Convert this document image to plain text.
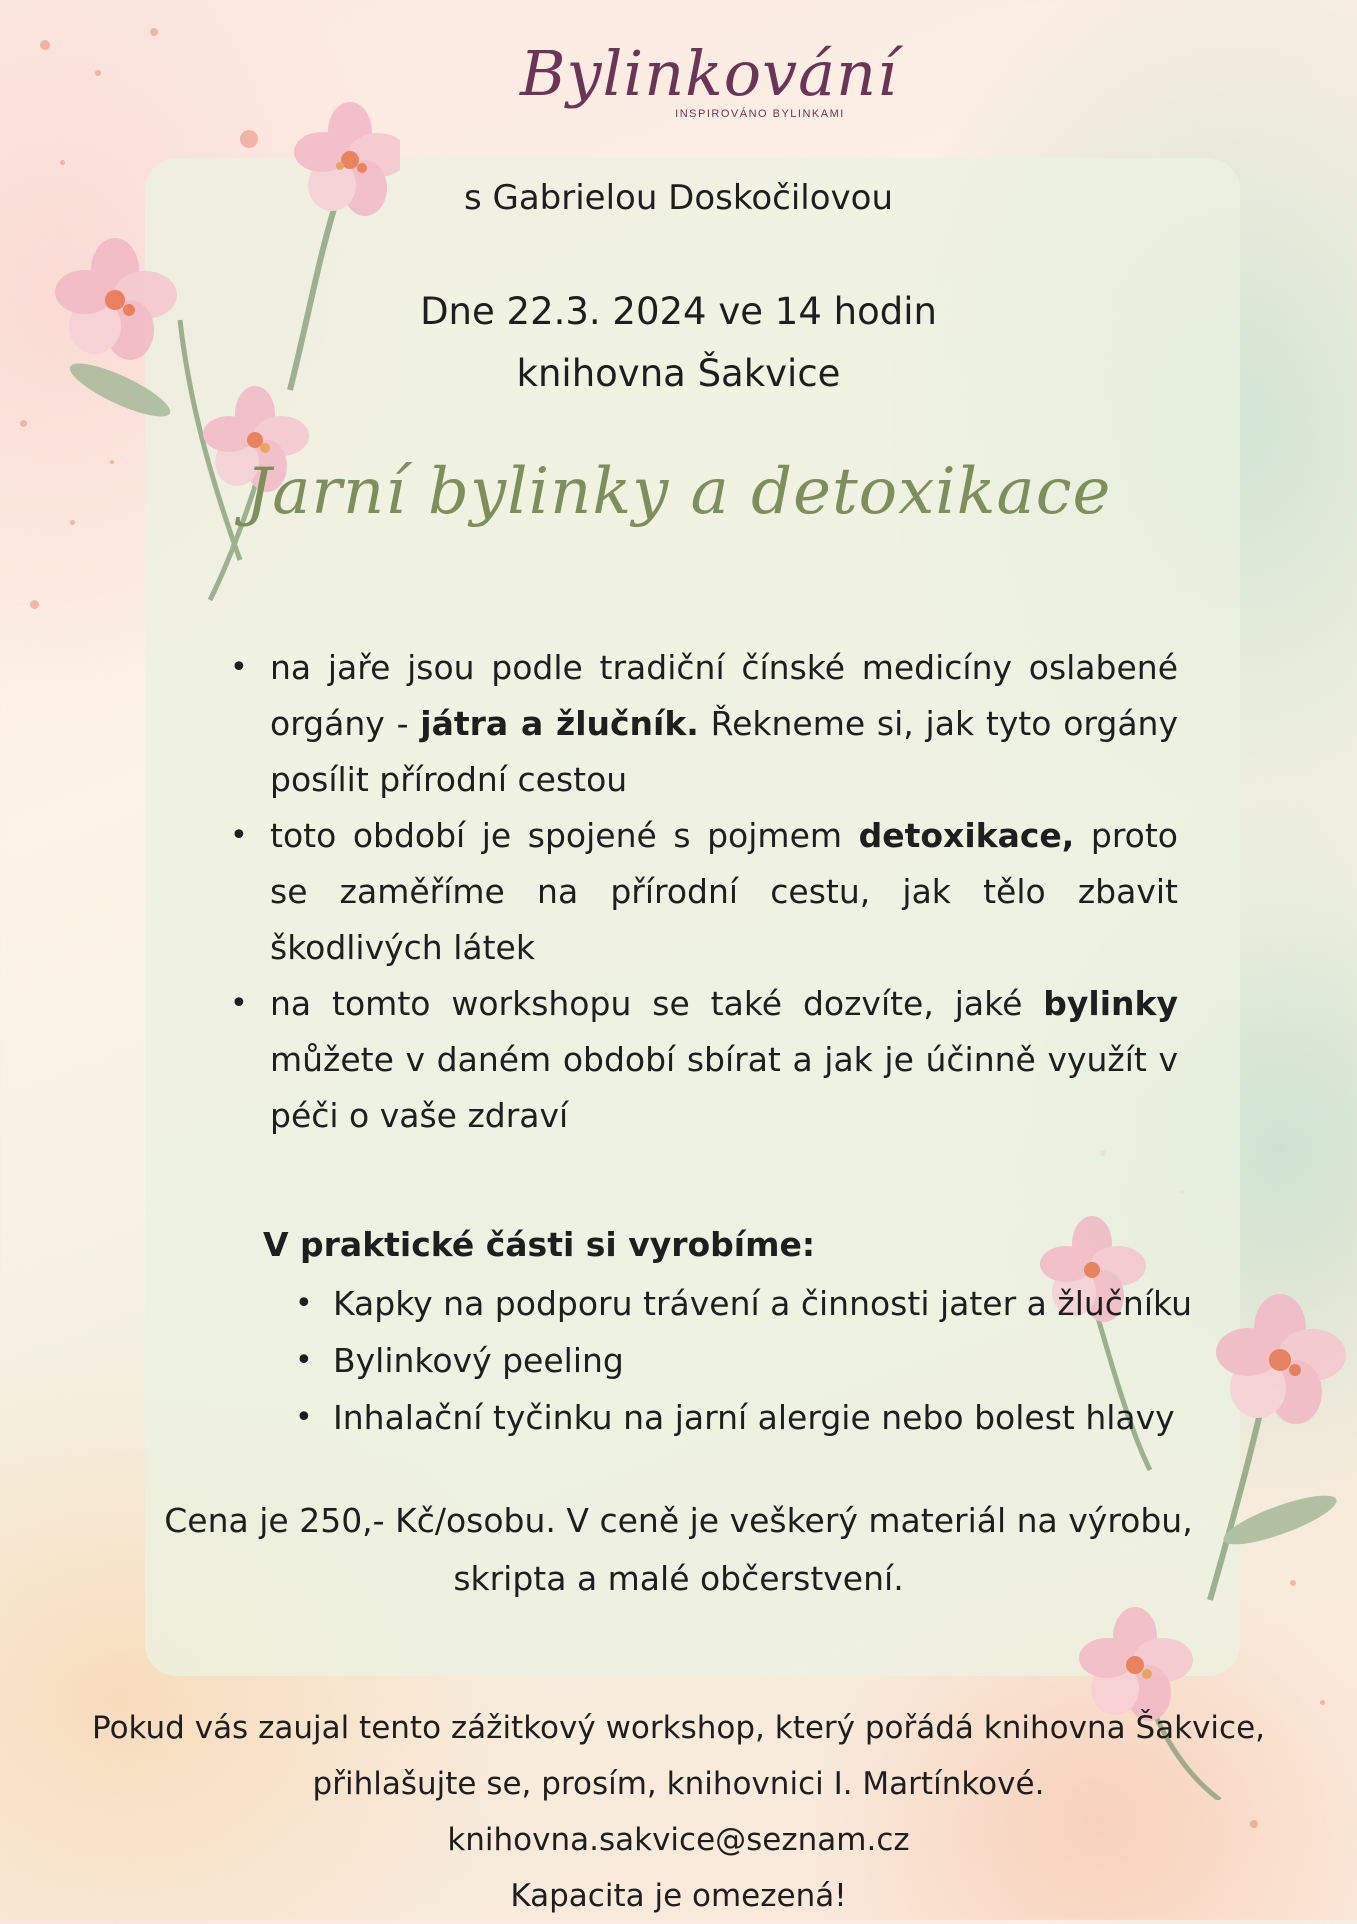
Bylinkování
INSPIROVÁNO BYLINKAMI
s Gabrielou Doskočilovou
Dne 22.3. 2024 ve 14 hodin
knihovna Šakvice
Jarní bylinky a detoxikace
• na jaře jsou podle tradiční čínské medicíny oslabené orgány - játra a žlučník. Řekneme si, jak tyto orgány posílit přírodní cestou
• toto období je spojené s pojmem detoxikace, proto se zaměříme na přírodní cestu, jak tělo zbavit škodlivých látek
• na tomto workshopu se také dozvíte, jaké bylinky můžete v daném období sbírat a jak je účinně využít v péči o vaše zdraví
V praktické části si vyrobíme:
• Kapky na podporu trávení a činnosti jater a žlučníku
• Bylinkový peeling
• Inhalační tyčinku na jarní alergie nebo bolest hlavy
Cena je 250,- Kč/osobu. V ceně je veškerý materiál na výrobu,
skripta a malé občerstvení.
Pokud vás zaujal tento zážitkový workshop, který pořádá knihovna Šakvice,
přihlašujte se, prosím, knihovnici I. Martínkové.
knihovna.sakvice@seznam.cz
Kapacita je omezená!
